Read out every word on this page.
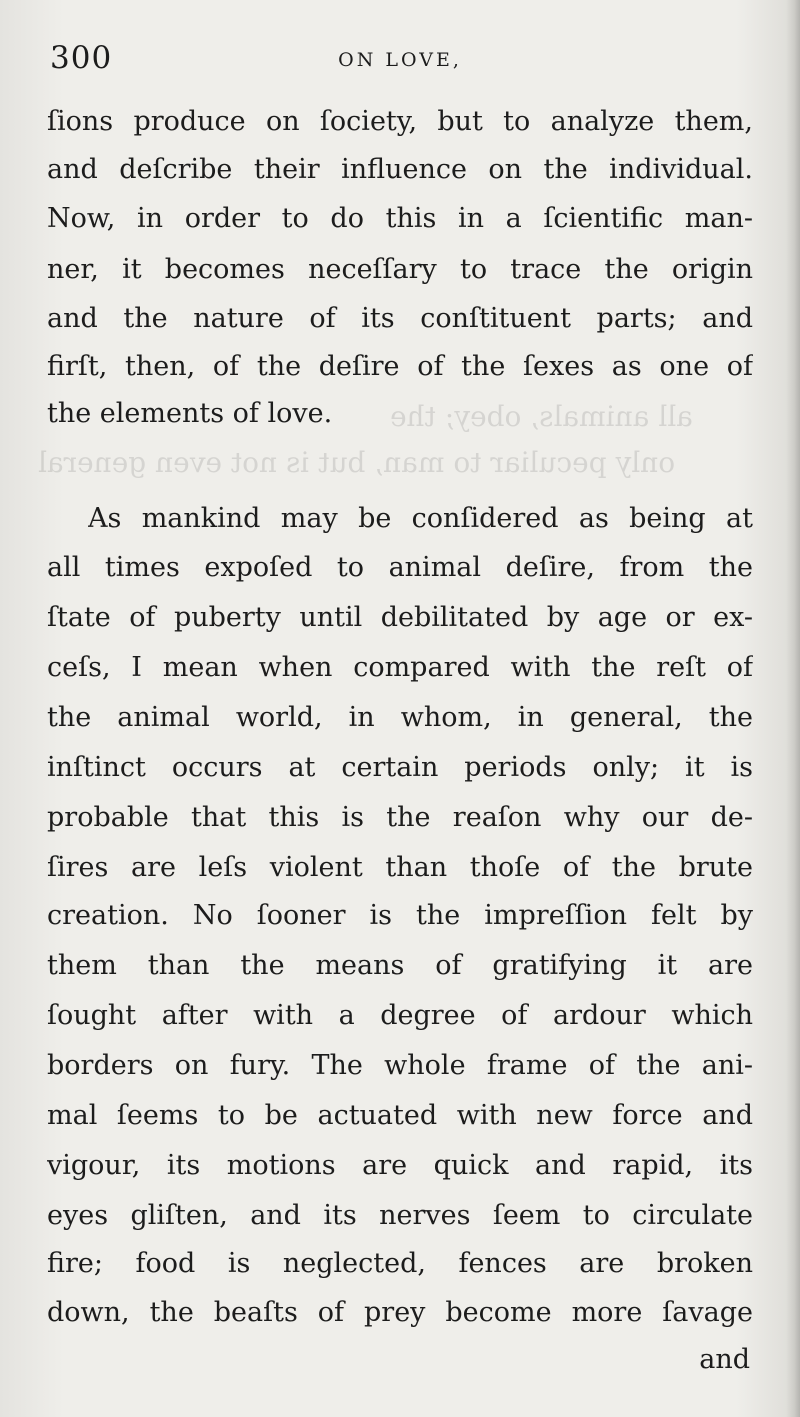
all animals, obey; the
only peculiar to man, but is not even general
300	ON LOVE,
ſions produce on ſociety, but to analyze them,
and deſcribe their influence on the individual.
Now, in order to do this in a ſcientific man-
ner, it becomes neceſſary to trace the origin
and the nature of its conſtituent parts; and
firſt, then, of the deſire of the ſexes as one of
the elements of love.
As mankind may be conſidered as being at
all times expoſed to animal deſire, from the
ſtate of puberty until debilitated by age or ex-
ceſs, I mean when compared with the reſt of
the animal world, in whom, in general, the
inſtinct occurs at certain periods only; it is
probable that this is the reaſon why our de-
ſires are leſs violent than thoſe of the brute
creation. No ſooner is the impreſſion felt by
them than the means of gratifying it are
ſought after with a degree of ardour which
borders on fury. The whole frame of the ani-
mal ſeems to be actuated with new force and
vigour, its motions are quick and rapid, its
eyes gliſten, and its nerves ſeem to circulate
fire; food is neglected, fences are broken
down, the beaſts of prey become more ſavage
and
